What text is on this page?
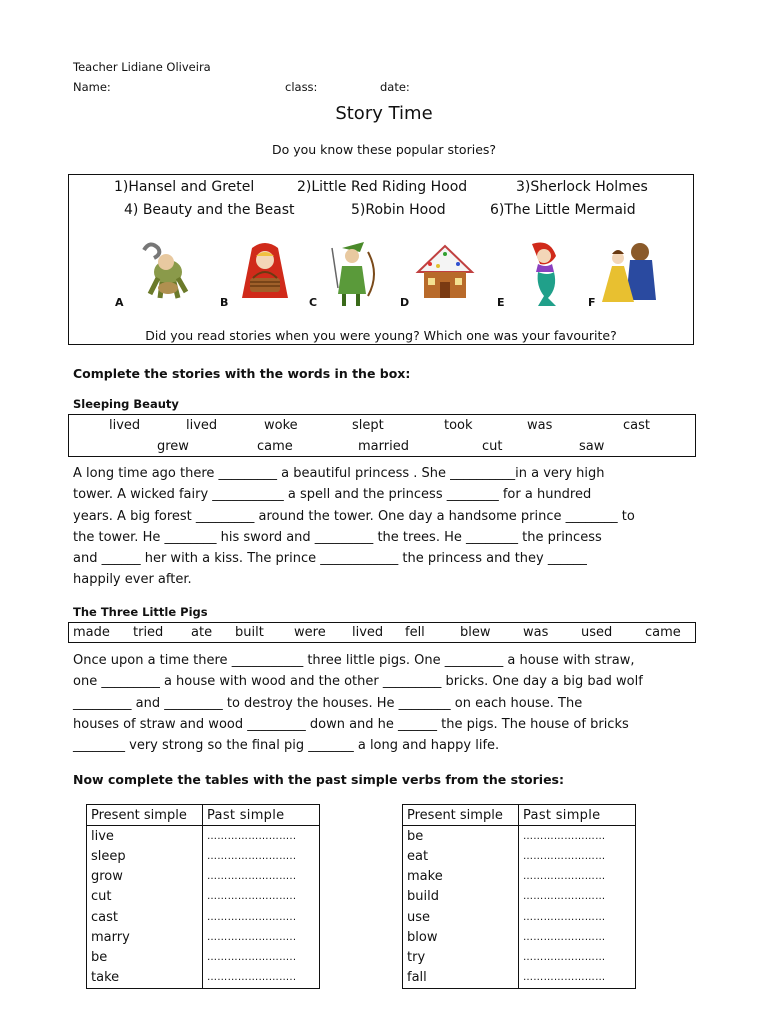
Teacher Lidiane Oliveira
Name:	class:	date:
Story Time
Do you know these popular stories?
1)Hansel and Gretel	2)Little Red Riding Hood	3)Sherlock Holmes
4) Beauty and the Beast	5)Robin Hood	6)The Little Mermaid
Did you read stories when you were young? Which one was your favourite?
A	B	C	D	E	F
Complete the stories with the words in the box:
Sleeping Beauty
lived	lived	woke	slept	took	was	cast
grew	came	married	cut	saw

A long time ago there _________ a beautiful princess . She __________in a very high

tower. A wicked fairy ___________ a spell and the princess ________ for a hundred

years. A big forest _________ around the tower. One day a handsome prince ________ to

the tower. He ________ his sword and _________ the trees. He ________ the princess

and ______ her with a kiss. The prince ____________ the princess and they ______

happily ever after.

The Three Little Pigs
made tried ate built were lived fell	blew	was	used	came

Once upon a time there ___________ three little pigs. One _________ a house with straw,

one _________ a house with wood and the other _________ bricks. One day a big bad wolf

_________ and _________ to destroy the houses. He ________ on each house. The

houses of straw and wood _________ down and he ______ the pigs. The house of bricks

________ very strong so the final pig _______ a long and happy life.

Now complete the tables with the past simple verbs from the stories:
Present simple	Past simple
live	……………………..
sleep	……………………..
grow	……………………..
cut	……………………..
cast	……………………..
marry	……………………..
be	……………………..
take	……………………..
Present simple	Past simple
be	……………………
eat	……………………
make	……………………
build	……………………
use	……………………
blow	……………………
try	……………………
fall	……………………
